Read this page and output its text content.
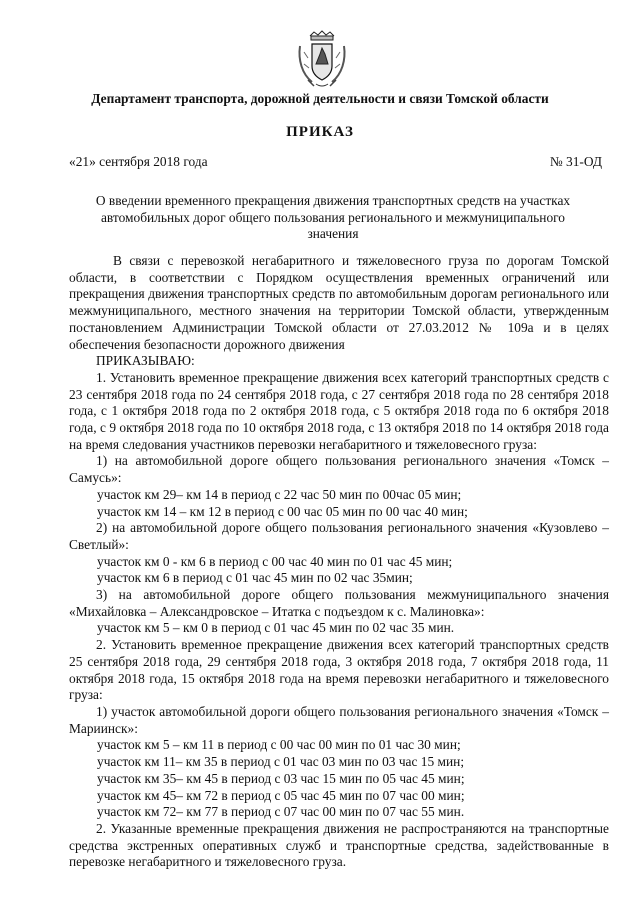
Департамент транспорта, дорожной деятельности и связи Томской области
ПРИКАЗ
«21» сентября 2018 года	№ 31-ОД
О введении временного прекращения движения транспортных средств на участках автомобильных дорог общего пользования регионального и межмуниципального значения

В связи с перевозкой негабаритного и тяжеловесного груза по дорогам Томской области, в соответствии с Порядком осуществления временных ограничений или прекращения движения транспортных средств по автомобильным дорогам регионального или межмуниципального, местного значения на территории Томской области, утвержденным постановлением Администрации Томской области от 27.03.2012 № 109а и в целях обеспечения безопасности дорожного движения

ПРИКАЗЫВАЮ:

1. Установить временное прекращение движения всех категорий транспортных средств с 23 сентября 2018 года по 24 сентября 2018 года, с 27 сентября 2018 года по 28 сентября 2018 года, с 1 октября 2018 года по 2 октября 2018 года, с 5 октября 2018 года по 6 октября 2018 года, с 9 октября 2018 года по 10 октября 2018 года, с 13 октября 2018 по 14 октября 2018 года на время следования участников перевозки негабаритного и тяжеловесного груза:

1) на автомобильной дороге общего пользования регионального значения «Томск – Самусь»:

участок км 29– км 14 в период с 22 час 50 мин по 00час 05 мин;

участок км 14 – км 12 в период с 00 час 05 мин по 00 час 40 мин;

2) на автомобильной дороге общего пользования регионального значения «Кузовлево – Светлый»:

участок км 0 - км 6 в период с 00 час 40 мин по 01 час 45 мин;

участок км 6 в период с 01 час 45 мин по 02 час 35мин;

3) на автомобильной дороге общего пользования межмуниципального значения «Михайловка – Александровское – Итатка с подъездом к с. Малиновка»:

участок км 5 – км 0 в период с 01 час 45 мин по 02 час 35 мин.

2. Установить временное прекращение движения всех категорий транспортных средств 25 сентября 2018 года, 29 сентября 2018 года, 3 октября 2018 года, 7 октября 2018 года, 11 октября 2018 года, 15 октября 2018 года на время перевозки негабаритного и тяжеловесного груза:

1) участок автомобильной дороги общего пользования регионального значения «Томск – Мариинск»:

участок км 5 – км 11 в период с 00 час 00 мин по 01 час 30 мин;

участок км 11– км 35 в период с 01 час 03 мин по 03 час 15 мин;

участок км 35– км 45 в период с 03 час 15 мин по 05 час 45 мин;

участок км 45– км 72 в период с 05 час 45 мин по 07 час 00 мин;

участок км 72– км 77 в период с 07 час 00 мин по 07 час 55 мин.

2. Указанные временные прекращения движения не распространяются на транспортные средства экстренных оперативных служб и транспортные средства, задействованные в перевозке негабаритного и тяжеловесного груза.
